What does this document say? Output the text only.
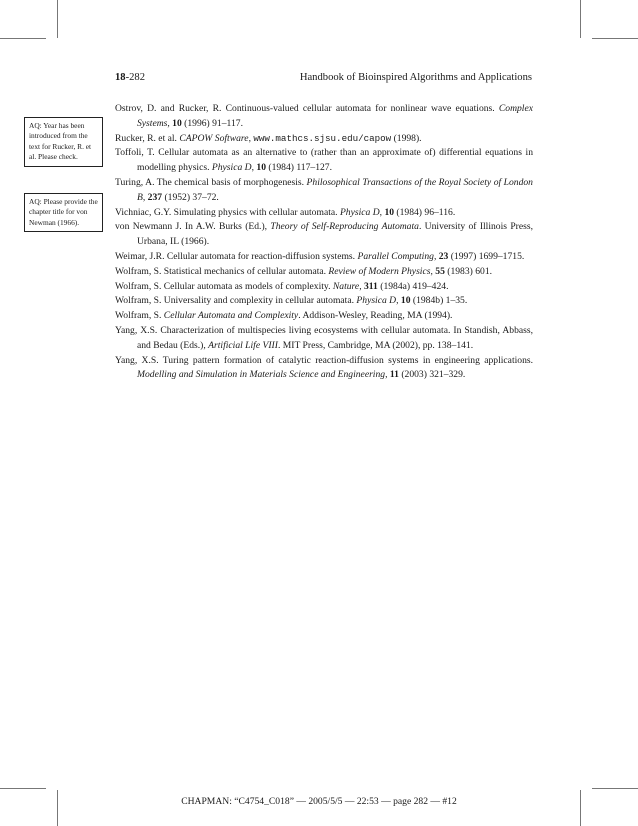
18-282	Handbook of Bioinspired Algorithms and Applications
AQ: Year has been introduced from the text for Rucker, R. et al. Please check.
AQ: Please provide the chapter title for von Newman (1966).

Ostrov, D. and Rucker, R. Continuous-valued cellular automata for nonlinear wave equations. Complex Systems, 10 (1996) 91–117.

Rucker, R. et al. CAPOW Software, www.mathcs.sjsu.edu/capow (1998).

Toffoli, T. Cellular automata as an alternative to (rather than an approximate of) differential equations in modelling physics. Physica D, 10 (1984) 117–127.

Turing, A. The chemical basis of morphogenesis. Philosophical Transactions of the Royal Society of London B, 237 (1952) 37–72.

Vichniac, G.Y. Simulating physics with cellular automata. Physica D, 10 (1984) 96–116.

von Newmann J. In A.W. Burks (Ed.), Theory of Self-Reproducing Automata. University of Illinois Press, Urbana, IL (1966).

Weimar, J.R. Cellular automata for reaction-diffusion systems. Parallel Computing, 23 (1997) 1699–1715.

Wolfram, S. Statistical mechanics of cellular automata. Review of Modern Physics, 55 (1983) 601.

Wolfram, S. Cellular automata as models of complexity. Nature, 311 (1984a) 419–424.

Wolfram, S. Universality and complexity in cellular automata. Physica D, 10 (1984b) 1–35.

Wolfram, S. Cellular Automata and Complexity. Addison-Wesley, Reading, MA (1994).

Yang, X.S. Characterization of multispecies living ecosystems with cellular automata. In Standish, Abbass, and Bedau (Eds.), Artificial Life VIII. MIT Press, Cambridge, MA (2002), pp. 138–141.

Yang, X.S. Turing pattern formation of catalytic reaction-diffusion systems in engineering applications. Modelling and Simulation in Materials Science and Engineering, 11 (2003) 321–329.

CHAPMAN: “C4754_C018” — 2005/5/5 — 22:53 — page 282 — #12
